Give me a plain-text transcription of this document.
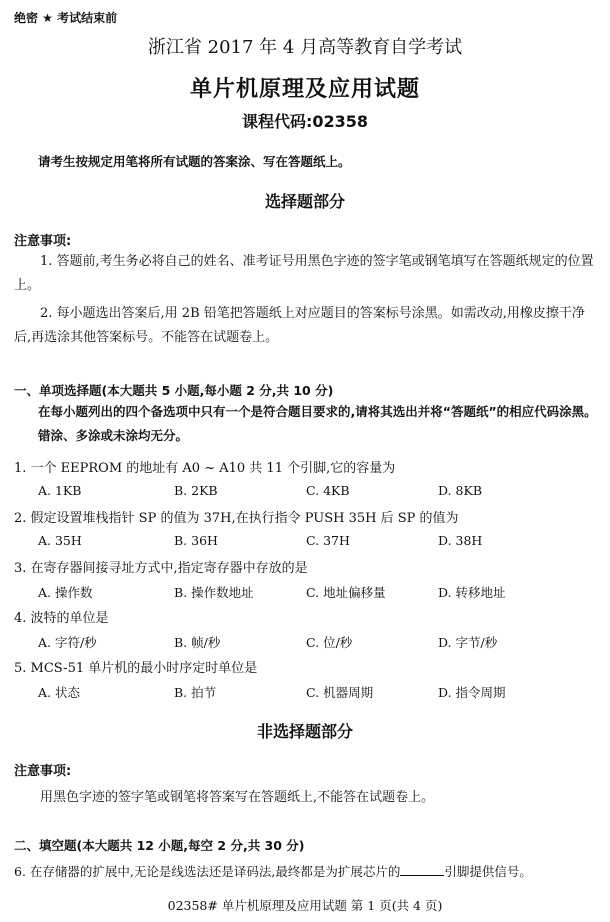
绝密 ★ 考试结束前
浙江省 2017 年 4 月高等教育自学考试
单片机原理及应用试题
课程代码:02358
请考生按规定用笔将所有试题的答案涂、写在答题纸上。
选择题部分
注意事项:
1. 答题前,考生务必将自己的姓名、准考证号用黑色字迹的签字笔或钢笔填写在答题纸规定的位置上。
2. 每小题选出答案后,用 2B 铅笔把答题纸上对应题目的答案标号涂黑。如需改动,用橡皮擦干净后,再选涂其他答案标号。不能答在试题卷上。
一、单项选择题(本大题共 5 小题,每小题 2 分,共 10 分)
在每小题列出的四个备选项中只有一个是符合题目要求的,请将其选出并将“答题纸”的相应代码涂黑。错涂、多涂或未涂均无分。
1. 一个 EEPROM 的地址有 A0 ~ A10 共 11 个引脚,它的容量为
A. 1KB	B. 2KB	C. 4KB	D. 8KB
2. 假定设置堆栈指针 SP 的值为 37H,在执行指令 PUSH 35H 后 SP 的值为
A. 35H	B. 36H	C. 37H	D. 38H
3. 在寄存器间接寻址方式中,指定寄存器中存放的是
A. 操作数	B. 操作数地址	C. 地址偏移量	D. 转移地址
4. 波特的单位是
A. 字符/秒	B. 帧/秒	C. 位/秒	D. 字节/秒
5. MCS-51 单片机的最小时序定时单位是
A. 状态	B. 拍节	C. 机器周期	D. 指令周期
非选择题部分
注意事项:
用黑色字迹的签字笔或钢笔将答案写在答题纸上,不能答在试题卷上。
二、填空题(本大题共 12 小题,每空 2 分,共 30 分)
6. 在存储器的扩展中,无论是线选法还是译码法,最终都是为扩展芯片的	引脚提供信号。
02358# 单片机原理及应用试题 第 1 页(共 4 页)
